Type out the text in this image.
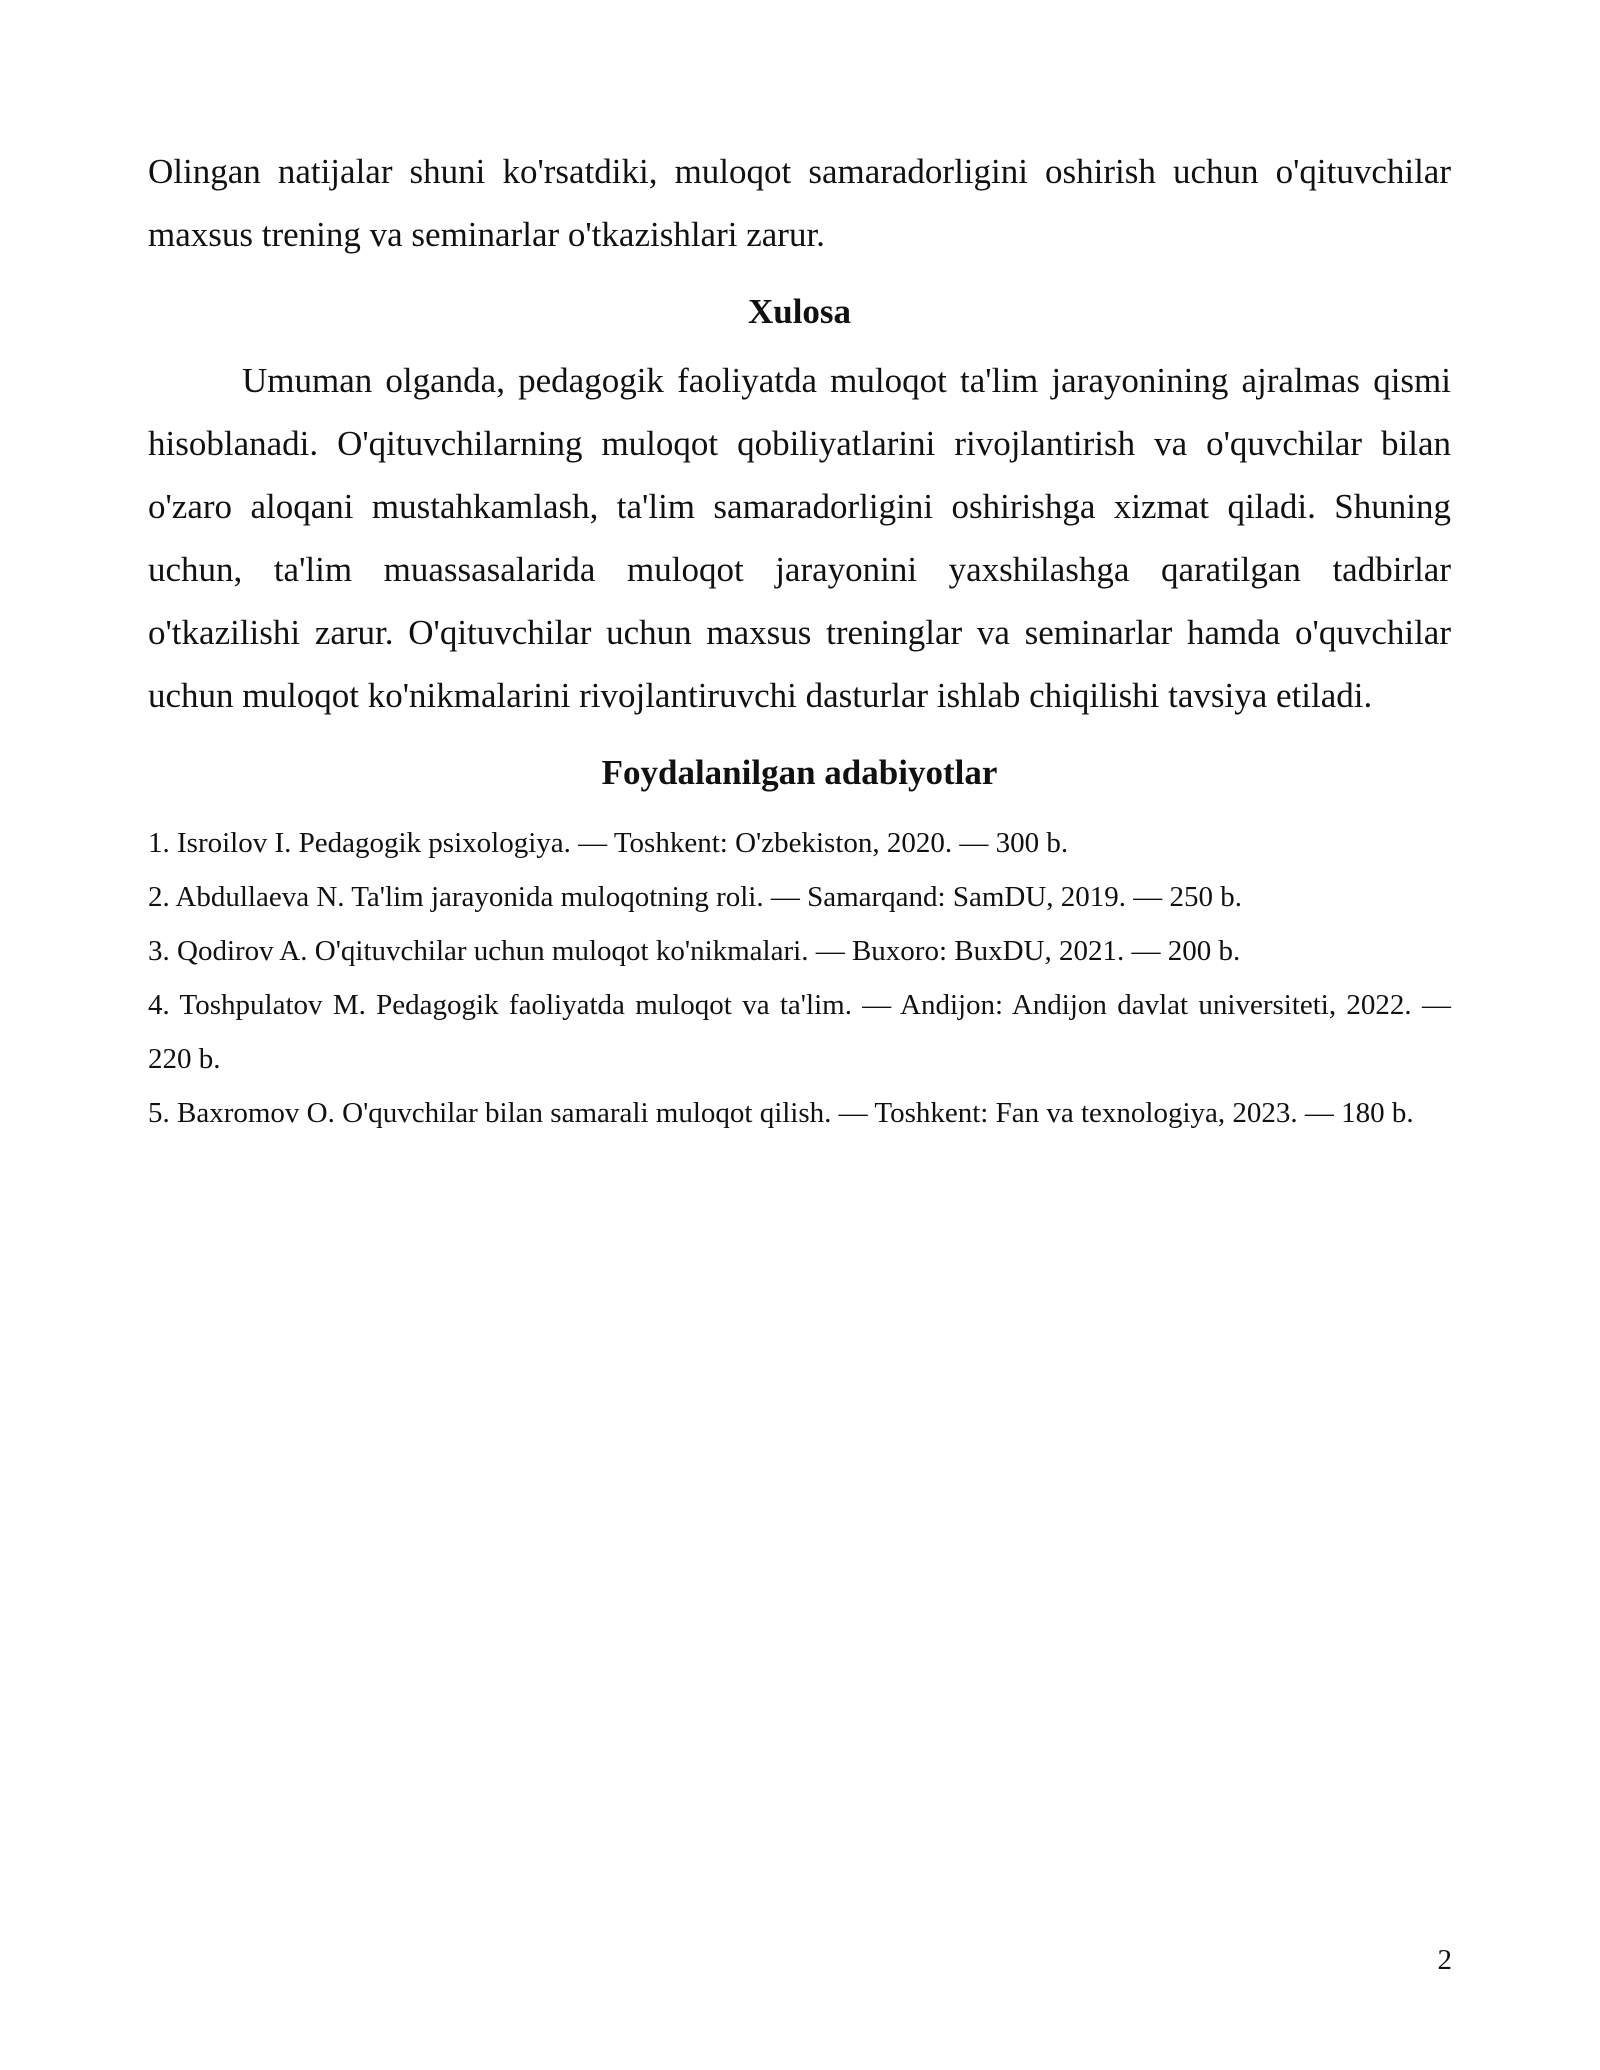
Olingan natijalar shuni ko'rsatdiki, muloqot samaradorligini oshirish uchun o'qituvchilar
maxsus trening va seminarlar o'tkazishlari zarur.

Xulosa

Umuman olganda, pedagogik faoliyatda muloqot ta'lim jarayonining ajralmas qismi hisoblanadi. O'qituvchilarning muloqot qobiliyatlarini rivojlantirish va o'quvchilar bilan o'zaro aloqani mustahkamlash, ta'lim samaradorligini oshirishga xizmat qiladi. Shuning uchun, ta'lim muassasalarida muloqot jarayonini yaxshilashga qaratilgan tadbirlar o'tkazilishi zarur. O'qituvchilar uchun maxsus treninglar va seminarlar hamda o'quvchilar uchun muloqot ko'nikmalarini rivojlantiruvchi dasturlar ishlab chiqilishi tavsiya etiladi.

Foydalanilgan adabiyotlar
1. Isroilov I. Pedagogik psixologiya. — Toshkent: O'zbekiston, 2020. — 300 b.
2. Abdullaeva N. Ta'lim jarayonida muloqotning roli. — Samarqand: SamDU, 2019. — 250 b.
3. Qodirov A. O'qituvchilar uchun muloqot ko'nikmalari. — Buxoro: BuxDU, 2021. — 200 b.
4. Toshpulatov M. Pedagogik faoliyatda muloqot va ta'lim. — Andijon: Andijon davlat universiteti, 2022. — 220 b.
5. Baxromov O. O'quvchilar bilan samarali muloqot qilish. — Toshkent: Fan va texnologiya, 2023. — 180 b.
2
